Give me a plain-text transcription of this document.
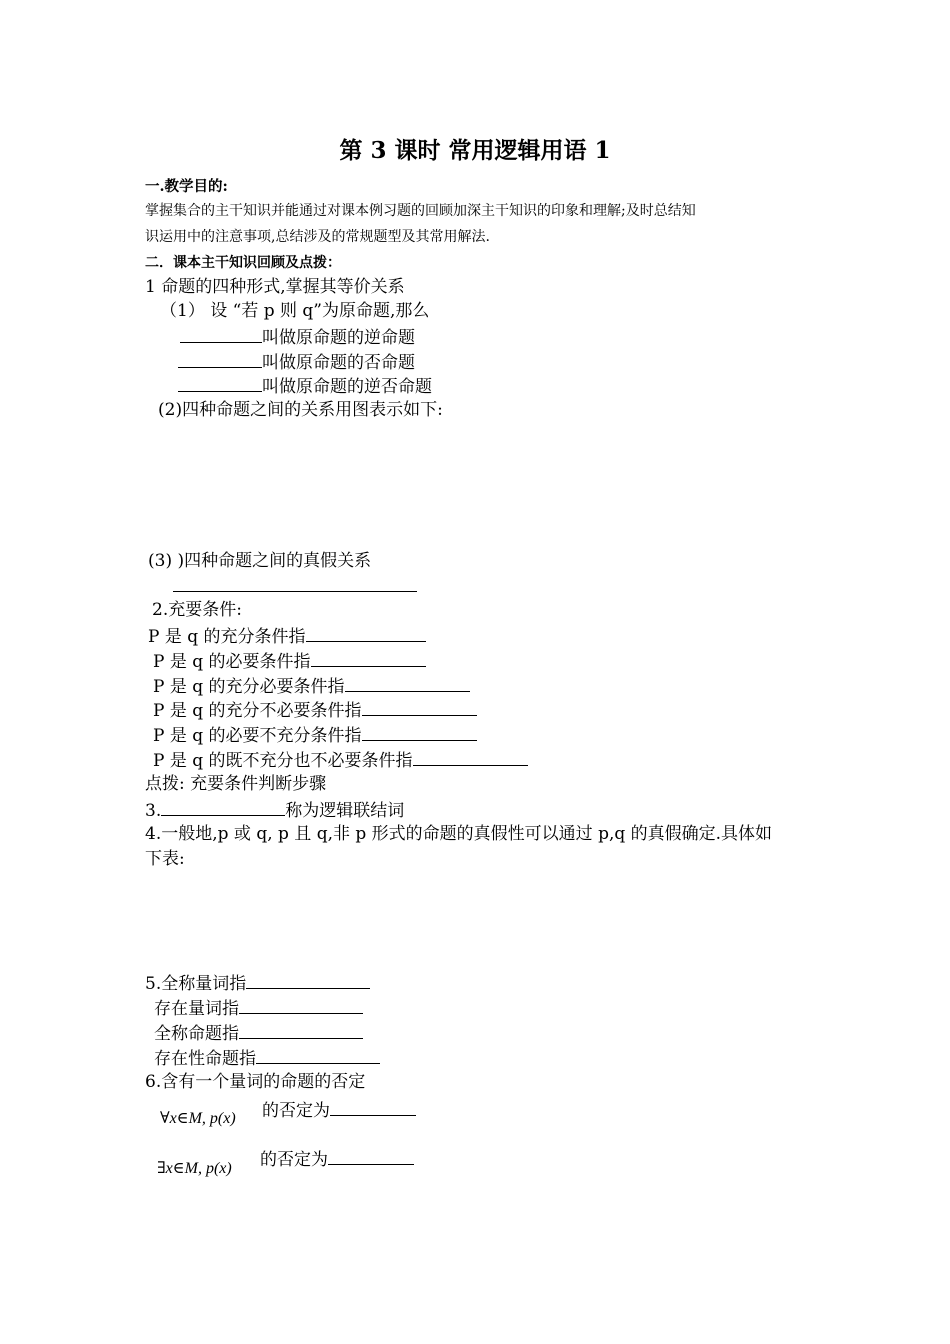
第 3 课时 常用逻辑用语 1
一.教学目的:
掌握集合的主干知识并能通过对课本例习题的回顾加深主干知识的印象和理解;及时总结知
识运用中的注意事项,总结涉及的常规题型及其常用解法.
二．课本主干知识回顾及点拨：
1 命题的四种形式,掌握其等价关系
（1） 设 “若 p 则 q”为原命题,那么
叫做原命题的逆命题
叫做原命题的否命题
叫做原命题的逆否命题
(2)四种命题之间的关系用图表示如下:
(3) )四种命题之间的真假关系
2.充要条件:
P 是 q 的充分条件指
P 是 q 的必要条件指
P 是 q 的充分必要条件指
P 是 q 的充分不必要条件指
P 是 q 的必要不充分条件指
P 是 q 的既不充分也不必要条件指
点拨: 充要条件判断步骤
3.	称为逻辑联结词
4.一般地,p 或 q, p 且 q,非 p 形式的命题的真假性可以通过 p,q 的真假确定.具体如
下表:
5.全称量词指
存在量词指
全称命题指
存在性命题指
6.含有一个量词的命题的否定
∀x∈M, p(x) 的否定为
∃x∈M, p(x) 的否定为
